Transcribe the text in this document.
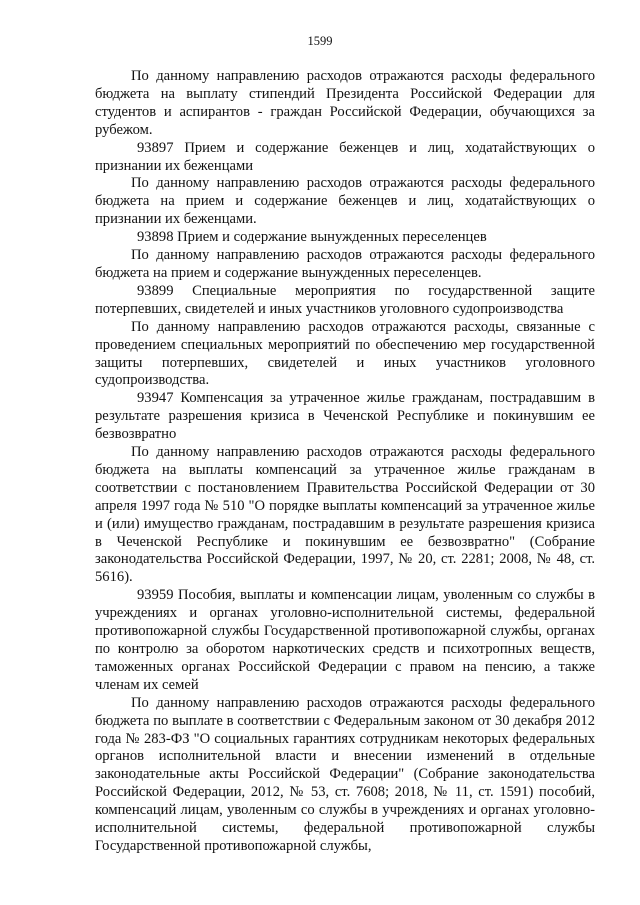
1599

По данному направлению расходов отражаются расходы федерального бюджета на выплату стипендий Президента Российской Федерации для студентов и аспирантов - граждан Российской Федерации, обучающихся за рубежом.

93897 Прием и содержание беженцев и лиц, ходатайствующих о признании их беженцами

По данному направлению расходов отражаются расходы федерального бюджета на прием и содержание беженцев и лиц, ходатайствующих о признании их беженцами.

93898 Прием и содержание вынужденных переселенцев

По данному направлению расходов отражаются расходы федерального бюджета на прием и содержание вынужденных переселенцев.

93899 Специальные мероприятия по государственной защите потерпевших, свидетелей и иных участников уголовного судопроизводства

По данному направлению расходов отражаются расходы, связанные с проведением специальных мероприятий по обеспечению мер государственной защиты потерпевших, свидетелей и иных участников уголовного судопроизводства.

93947 Компенсация за утраченное жилье гражданам, пострадавшим в результате разрешения кризиса в Чеченской Республике и покинувшим ее безвозвратно

По данному направлению расходов отражаются расходы федерального бюджета на выплаты компенсаций за утраченное жилье гражданам в соответствии с постановлением Правительства Российской Федерации от 30 апреля 1997 года № 510 "О порядке выплаты компенсаций за утраченное жилье и (или) имущество гражданам, пострадавшим в результате разрешения кризиса в Чеченской Республике и покинувшим ее безвозвратно" (Собрание законодательства Российской Федерации, 1997, № 20, ст. 2281; 2008, № 48, ст. 5616).

93959 Пособия, выплаты и компенсации лицам, уволенным со службы в учреждениях и органах уголовно-исполнительной системы, федеральной противопожарной службы Государственной противопожарной службы, органах по контролю за оборотом наркотических средств и психотропных веществ, таможенных органах Российской Федерации с правом на пенсию, а также членам их семей

По данному направлению расходов отражаются расходы федерального бюджета по выплате в соответствии с Федеральным законом от 30 декабря 2012 года № 283-ФЗ "О социальных гарантиях сотрудникам некоторых федеральных органов исполнительной власти и внесении изменений в отдельные законодательные акты Российской Федерации" (Собрание законодательства Российской Федерации, 2012, № 53, ст. 7608; 2018, № 11, ст. 1591) пособий, компенсаций лицам, уволенным со службы в учреждениях и органах уголовно-исполнительной системы, федеральной противопожарной службы Государственной противопожарной службы,
